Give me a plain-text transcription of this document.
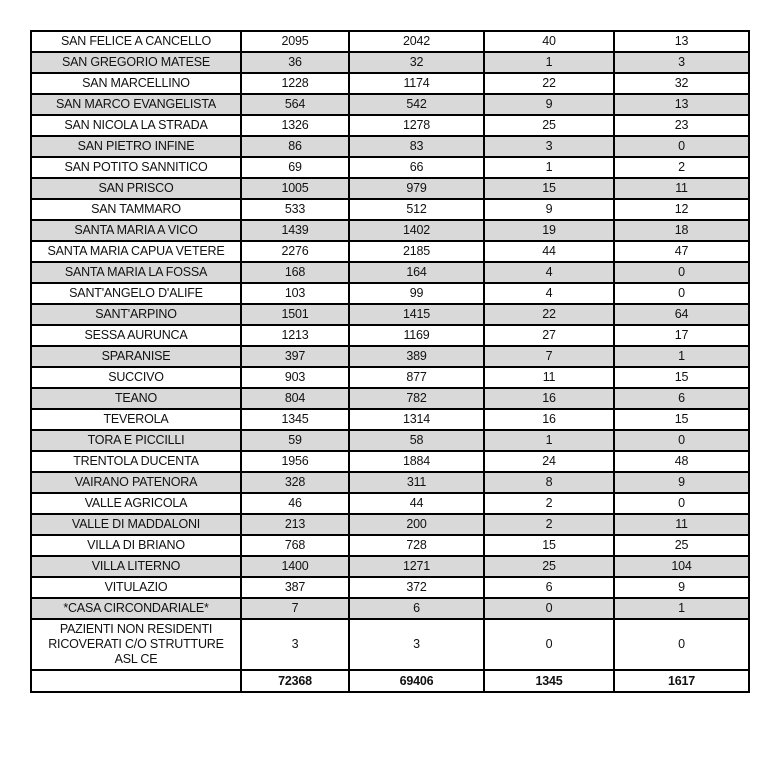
SAN FELICE A CANCELLO	2095	2042	40	13
SAN GREGORIO MATESE	36	32	1	3
SAN MARCELLINO	1228	1174	22	32
SAN MARCO EVANGELISTA	564	542	9	13
SAN NICOLA LA STRADA	1326	1278	25	23
SAN PIETRO INFINE	86	83	3	0
SAN POTITO SANNITICO	69	66	1	2
SAN PRISCO	1005	979	15	11
SAN TAMMARO	533	512	9	12
SANTA MARIA A VICO	1439	1402	19	18
SANTA MARIA CAPUA VETERE	2276	2185	44	47
SANTA MARIA LA FOSSA	168	164	4	0
SANT'ANGELO D'ALIFE	103	99	4	0
SANT'ARPINO	1501	1415	22	64
SESSA AURUNCA	1213	1169	27	17
SPARANISE	397	389	7	1
SUCCIVO	903	877	11	15
TEANO	804	782	16	6
TEVEROLA	1345	1314	16	15
TORA E PICCILLI	59	58	1	0
TRENTOLA DUCENTA	1956	1884	24	48
VAIRANO PATENORA	328	311	8	9
VALLE AGRICOLA	46	44	2	0
VALLE DI MADDALONI	213	200	2	11
VILLA DI BRIANO	768	728	15	25
VILLA LITERNO	1400	1271	25	104
VITULAZIO	387	372	6	9
*CASA CIRCONDARIALE*	7	6	0	1
PAZIENTI NON RESIDENTI RICOVERATI C/O STRUTTURE ASL CE	3	3	0	0
	72368	69406	1345	1617
